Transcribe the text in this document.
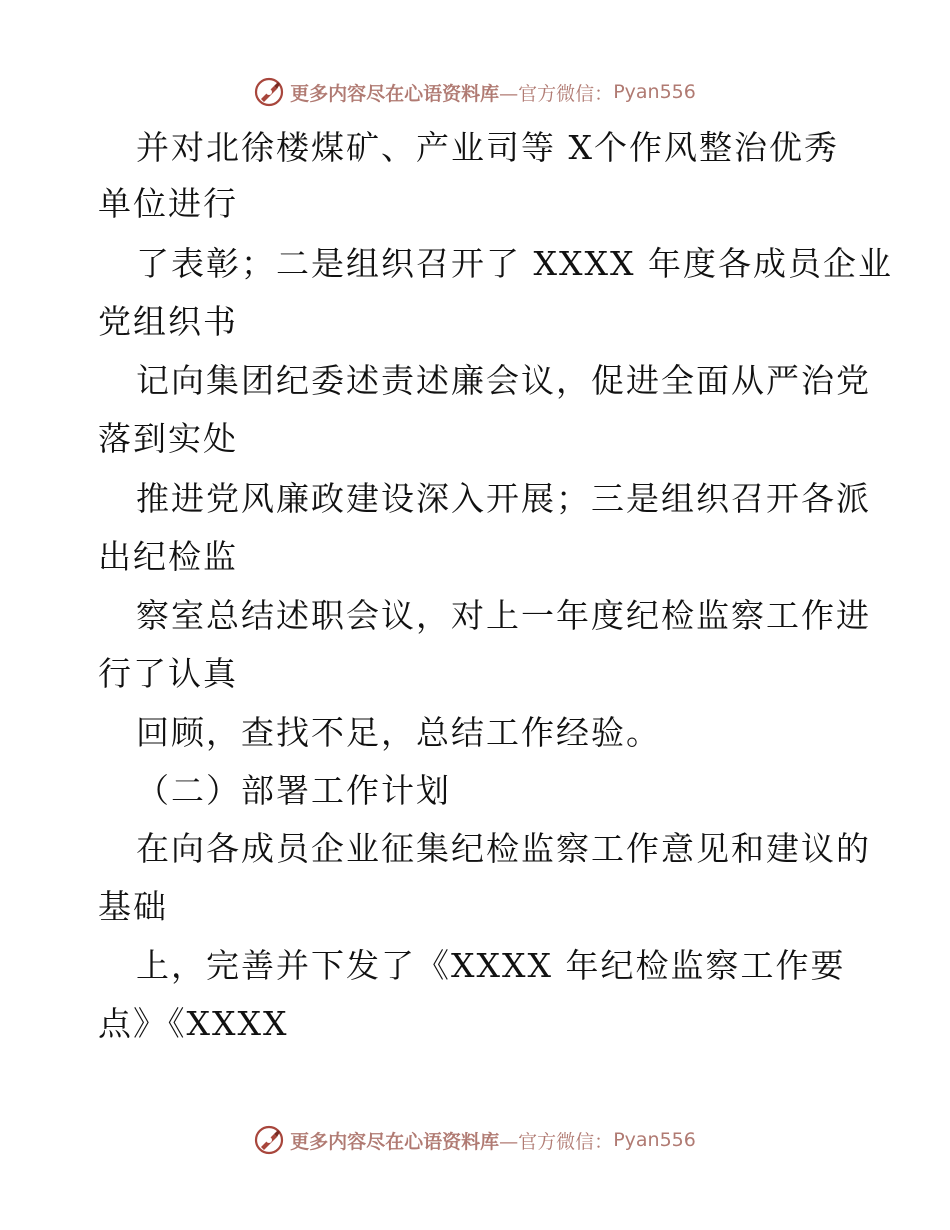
更多内容尽在心语资料库 —官方微信： Pyan556
并对北徐楼煤矿、产业司等 X个作风整治优秀
单位进行
了表彰；二是组织召开了 XXXX 年度各成员企业
党组织书
记向集团纪委述责述廉会议，促进全面从严治党
落到实处
推进党风廉政建设深入开展；三是组织召开各派
出纪检监
察室总结述职会议，对上一年度纪检监察工作进
行了认真
回顾，查找不足，总结工作经验。
（二）部署工作计划
在向各成员企业征集纪检监察工作意见和建议的
基础
上，完善并下发了《XXXX 年纪检监察工作要
点》《XXXX
更多内容尽在心语资料库 —官方微信： Pyan556
